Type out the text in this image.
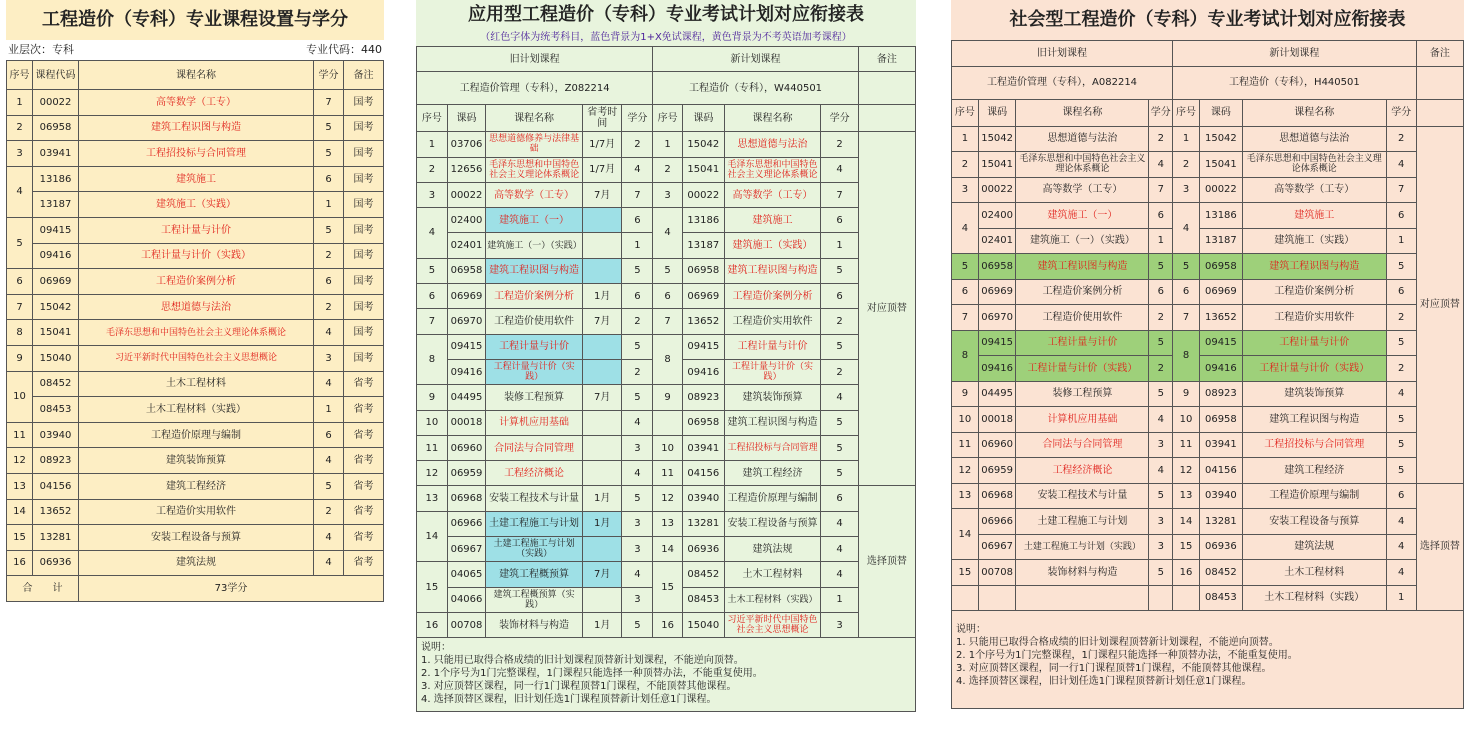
工程造价（专科）专业课程设置与学分
业层次：专科	专业代码：440
序号	课程代码	课程名称	学分	备注
1	00022	高等数学（工专）	7	国考
2	06958	建筑工程识图与构造	5	国考
3	03941	工程招投标与合同管理	5	国考
4	13186	建筑施工	6	国考
	13187	建筑施工（实践）	1	国考
5	09415	工程计量与计价	5	国考
	09416	工程计量与计价（实践）	2	国考
6	06969	工程造价案例分析	6	国考
7	15042	思想道德与法治	2	国考
8	15041	毛泽东思想和中国特色社会主义理论体系概论	4	国考
9	15040	习近平新时代中国特色社会主义思想概论	3	国考
10	08452	土木工程材料	4	省考
	08453	土木工程材料（实践）	1	省考
11	03940	工程造价原理与编制	6	省考
12	08923	建筑装饰预算	4	省考
13	04156	建筑工程经济	5	省考
14	13652	工程造价实用软件	2	省考
15	13281	安装工程设备与预算	4	省考
16	06936	建筑法规	4	省考
合　　计		73学分		
应用型工程造价（专科）专业考试计划对应衔接表
（红色字体为统考科目，蓝色背景为1+X免试课程，黄色背景为不考英语加考课程）
旧计划课程					新计划课程				备注
工程造价管理（专科），Z082214					工程造价（专科），W440501				
序号	课码	课程名称	省考时间	学分	序号	课码	课程名称	学分	
1	03706	思想道德修养与法律基础	1/7月	2	1	15042	思想道德与法治	2	对应顶替
2	12656	毛泽东思想和中国特色社会主义理论体系概论	1/7月	4	2	15041	毛泽东思想和中国特色社会主义理论体系概论	4	
3	00022	高等数学（工专）	7月	7	3	00022	高等数学（工专）	7	
4	02400	建筑施工（一）		6	4	13186	建筑施工	6	
	02401	建筑施工（一）（实践）		1		13187	建筑施工（实践）	1	
5	06958	建筑工程识图与构造		5	5	06958	建筑工程识图与构造	5	
6	06969	工程造价案例分析	1月	6	6	06969	工程造价案例分析	6	
7	06970	工程造价使用软件	7月	2	7	13652	工程造价实用软件	2	
8	09415	工程计量与计价		5	8	09415	工程计量与计价	5	
	09416	工程计量与计价（实践）		2		09416	工程计量与计价（实践）	2	
9	04495	装修工程预算	7月	5	9	08923	建筑装饰预算	4	
10	00018	计算机应用基础		4		06958	建筑工程识图与构造	5	
11	06960	合同法与合同管理		3	10	03941	工程招投标与合同管理	5	
12	06959	工程经济概论		4	11	04156	建筑工程经济	5	
13	06968	安装工程技术与计量	1月	5	12	03940	工程造价原理与编制	6	选择顶替
14	06966	土建工程施工与计划	1月	3	13	13281	安装工程设备与预算	4	
	06967	土建工程施工与计划（实践）		3	14	06936	建筑法规	4	
15	04065	建筑工程概预算	7月	4	15	08452	土木工程材料	4	
	04066	建筑工程概预算（实践）		3		08453	土木工程材料（实践）	1	
16	00708	装饰材料与构造	1月	5	16	15040	习近平新时代中国特色社会主义思想概论	3	
说明：
1. 只能用已取得合格成绩的旧计划课程顶替新计划课程，不能逆向顶替。
2. 1个序号为1门完整课程，1门课程只能选择一种顶替办法，不能重复使用。
3. 对应顶替区课程，同一行1门课程顶替1门课程，不能顶替其他课程。
4. 选择顶替区课程，旧计划任选1门课程顶替新计划任意1门课程。
社会型工程造价（专科）专业考试计划对应衔接表
旧计划课程				新计划课程				备注
工程造价管理（专科），A082214				工程造价（专科），H440501				
序号	课码	课程名称	学分	序号	课码	课程名称	学分	
1	15042	思想道德与法治	2	1	15042	思想道德与法治	2	对应顶替
2	15041	毛泽东思想和中国特色社会主义理论体系概论	4	2	15041	毛泽东思想和中国特色社会主义理论体系概论	4	
3	00022	高等数学（工专）	7	3	00022	高等数学（工专）	7	
4	02400	建筑施工（一）	6	4	13186	建筑施工	6	
	02401	建筑施工（一）（实践）	1		13187	建筑施工（实践）	1	
5	06958	建筑工程识图与构造	5	5	06958	建筑工程识图与构造	5	
6	06969	工程造价案例分析	6	6	06969	工程造价案例分析	6	
7	06970	工程造价使用软件	2	7	13652	工程造价实用软件	2	
8	09415	工程计量与计价	5	8	09415	工程计量与计价	5	
	09416	工程计量与计价（实践）	2		09416	工程计量与计价（实践）	2	
9	04495	装修工程预算	5	9	08923	建筑装饰预算	4	
10	00018	计算机应用基础	4	10	06958	建筑工程识图与构造	5	
11	06960	合同法与合同管理	3	11	03941	工程招投标与合同管理	5	
12	06959	工程经济概论	4	12	04156	建筑工程经济	5	
13	06968	安装工程技术与计量	5	13	03940	工程造价原理与编制	6	选择顶替
14	06966	土建工程施工与计划	3	14	13281	安装工程设备与预算	4	
	06967	土建工程施工与计划（实践）	3	15	06936	建筑法规	4	
15	00708	装饰材料与构造	5	16	08452	土木工程材料	4	
					08453	土木工程材料（实践）	1	
说明：
1. 只能用已取得合格成绩的旧计划课程顶替新计划课程，不能逆向顶替。
2. 1个序号为1门完整课程，1门课程只能选择一种顶替办法，不能重复使用。
3. 对应顶替区课程，同一行1门课程顶替1门课程，不能顶替其他课程。
4. 选择顶替区课程，旧计划任选1门课程顶替新计划任意1门课程。
